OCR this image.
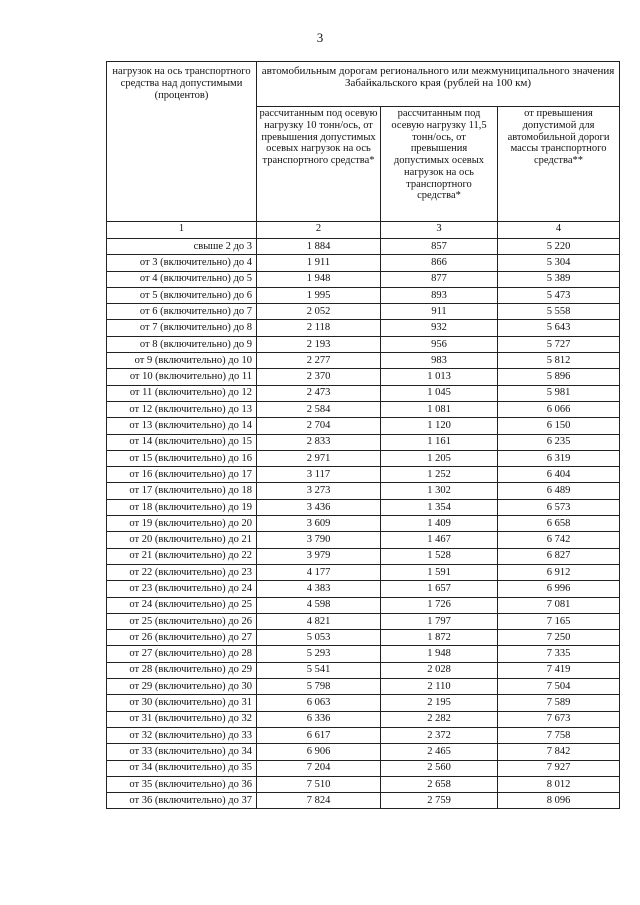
3
нагрузок на ось транспортного средства над допустимыми (процентов)	автомобильным дорогам регионального или межмуниципального значения Забайкальского края (рублей на 100 км)		
	рассчитанным под осевую нагрузку 10 тонн/ось, от превышения допустимых осевых нагрузок на ось транспортного средства*	рассчитанным под осевую нагрузку 11,5 тонн/ось, от превышения допустимых осевых нагрузок на ось транспортного средства*	от превышения допустимой для автомобильной дороги массы транспортного средства**
1	2	3	4
свыше 2 до 3	1 884	857	5 220
от 3 (включительно) до 4	1 911	866	5 304
от 4 (включительно) до 5	1 948	877	5 389
от 5 (включительно) до 6	1 995	893	5 473
от 6 (включительно) до 7	2 052	911	5 558
от 7 (включительно) до 8	2 118	932	5 643
от 8 (включительно) до 9	2 193	956	5 727
от 9 (включительно) до 10	2 277	983	5 812
от 10 (включительно) до 11	2 370	1 013	5 896
от 11 (включительно) до 12	2 473	1 045	5 981
от 12 (включительно) до 13	2 584	1 081	6 066
от 13 (включительно) до 14	2 704	1 120	6 150
от 14 (включительно) до 15	2 833	1 161	6 235
от 15 (включительно) до 16	2 971	1 205	6 319
от 16 (включительно) до 17	3 117	1 252	6 404
от 17 (включительно) до 18	3 273	1 302	6 489
от 18 (включительно) до 19	3 436	1 354	6 573
от 19 (включительно) до 20	3 609	1 409	6 658
от 20 (включительно) до 21	3 790	1 467	6 742
от 21 (включительно) до 22	3 979	1 528	6 827
от 22 (включительно) до 23	4 177	1 591	6 912
от 23 (включительно) до 24	4 383	1 657	6 996
от 24 (включительно) до 25	4 598	1 726	7 081
от 25 (включительно) до 26	4 821	1 797	7 165
от 26 (включительно) до 27	5 053	1 872	7 250
от 27 (включительно) до 28	5 293	1 948	7 335
от 28 (включительно) до 29	5 541	2 028	7 419
от 29 (включительно) до 30	5 798	2 110	7 504
от 30 (включительно) до 31	6 063	2 195	7 589
от 31 (включительно) до 32	6 336	2 282	7 673
от 32 (включительно) до 33	6 617	2 372	7 758
от 33 (включительно) до 34	6 906	2 465	7 842
от 34 (включительно) до 35	7 204	2 560	7 927
от 35 (включительно) до 36	7 510	2 658	8 012
от 36 (включительно) до 37	7 824	2 759	8 096
